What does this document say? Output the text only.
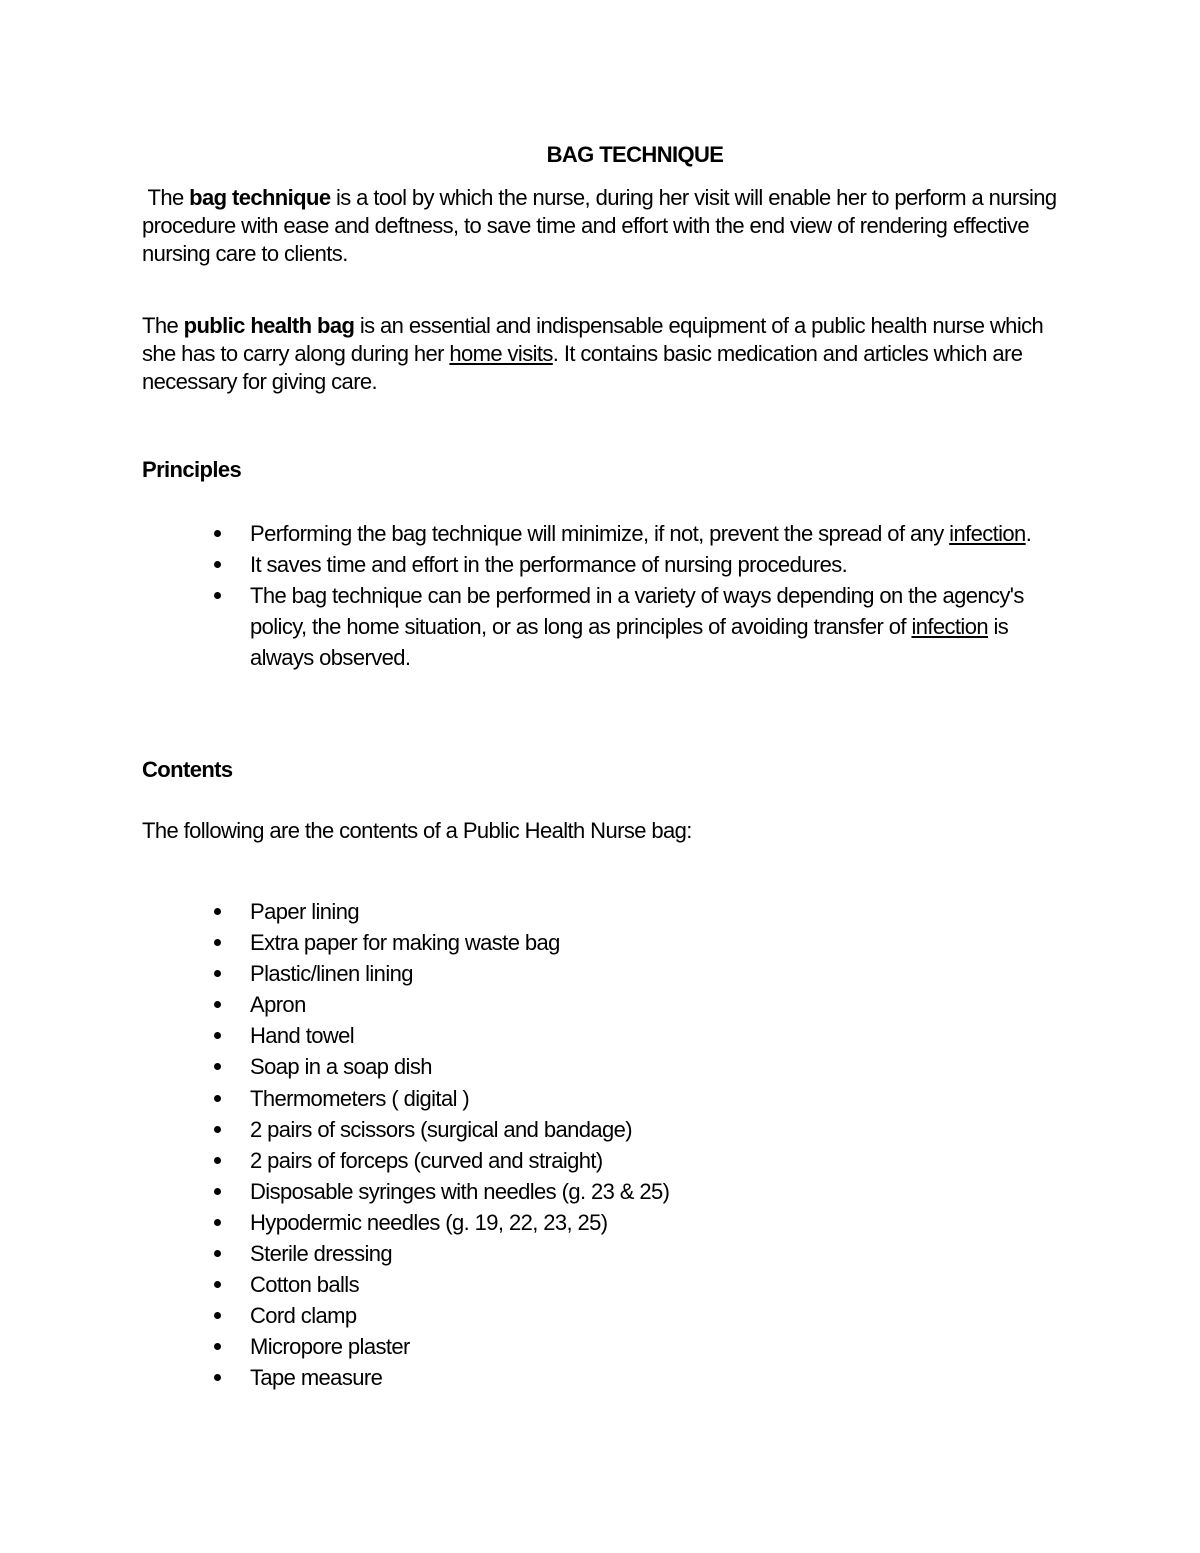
BAG TECHNIQUE

The bag technique is a tool by which the nurse, during her visit will enable her to perform a nursing procedure with ease and deftness, to save time and effort with the end view of rendering effective nursing care to clients.

The public health bag is an essential and indispensable equipment of a public health nurse which she has to carry along during her home visits. It contains basic medication and articles which are necessary for giving care.

Principles
Performing the bag technique will minimize, if not, prevent the spread of any infection.
It saves time and effort in the performance of nursing procedures.
The bag technique can be performed in a variety of ways depending on the agency's policy, the home situation, or as long as principles of avoiding transfer of infection is always observed.
Contents
The following are the contents of a Public Health Nurse bag:
Paper lining
Extra paper for making waste bag
Plastic/linen lining
Apron
Hand towel
Soap in a soap dish
Thermometers ( digital )
2 pairs of scissors (surgical and bandage)
2 pairs of forceps (curved and straight)
Disposable syringes with needles (g. 23 & 25)
Hypodermic needles (g. 19, 22, 23, 25)
Sterile dressing
Cotton balls
Cord clamp
Micropore plaster
Tape measure
